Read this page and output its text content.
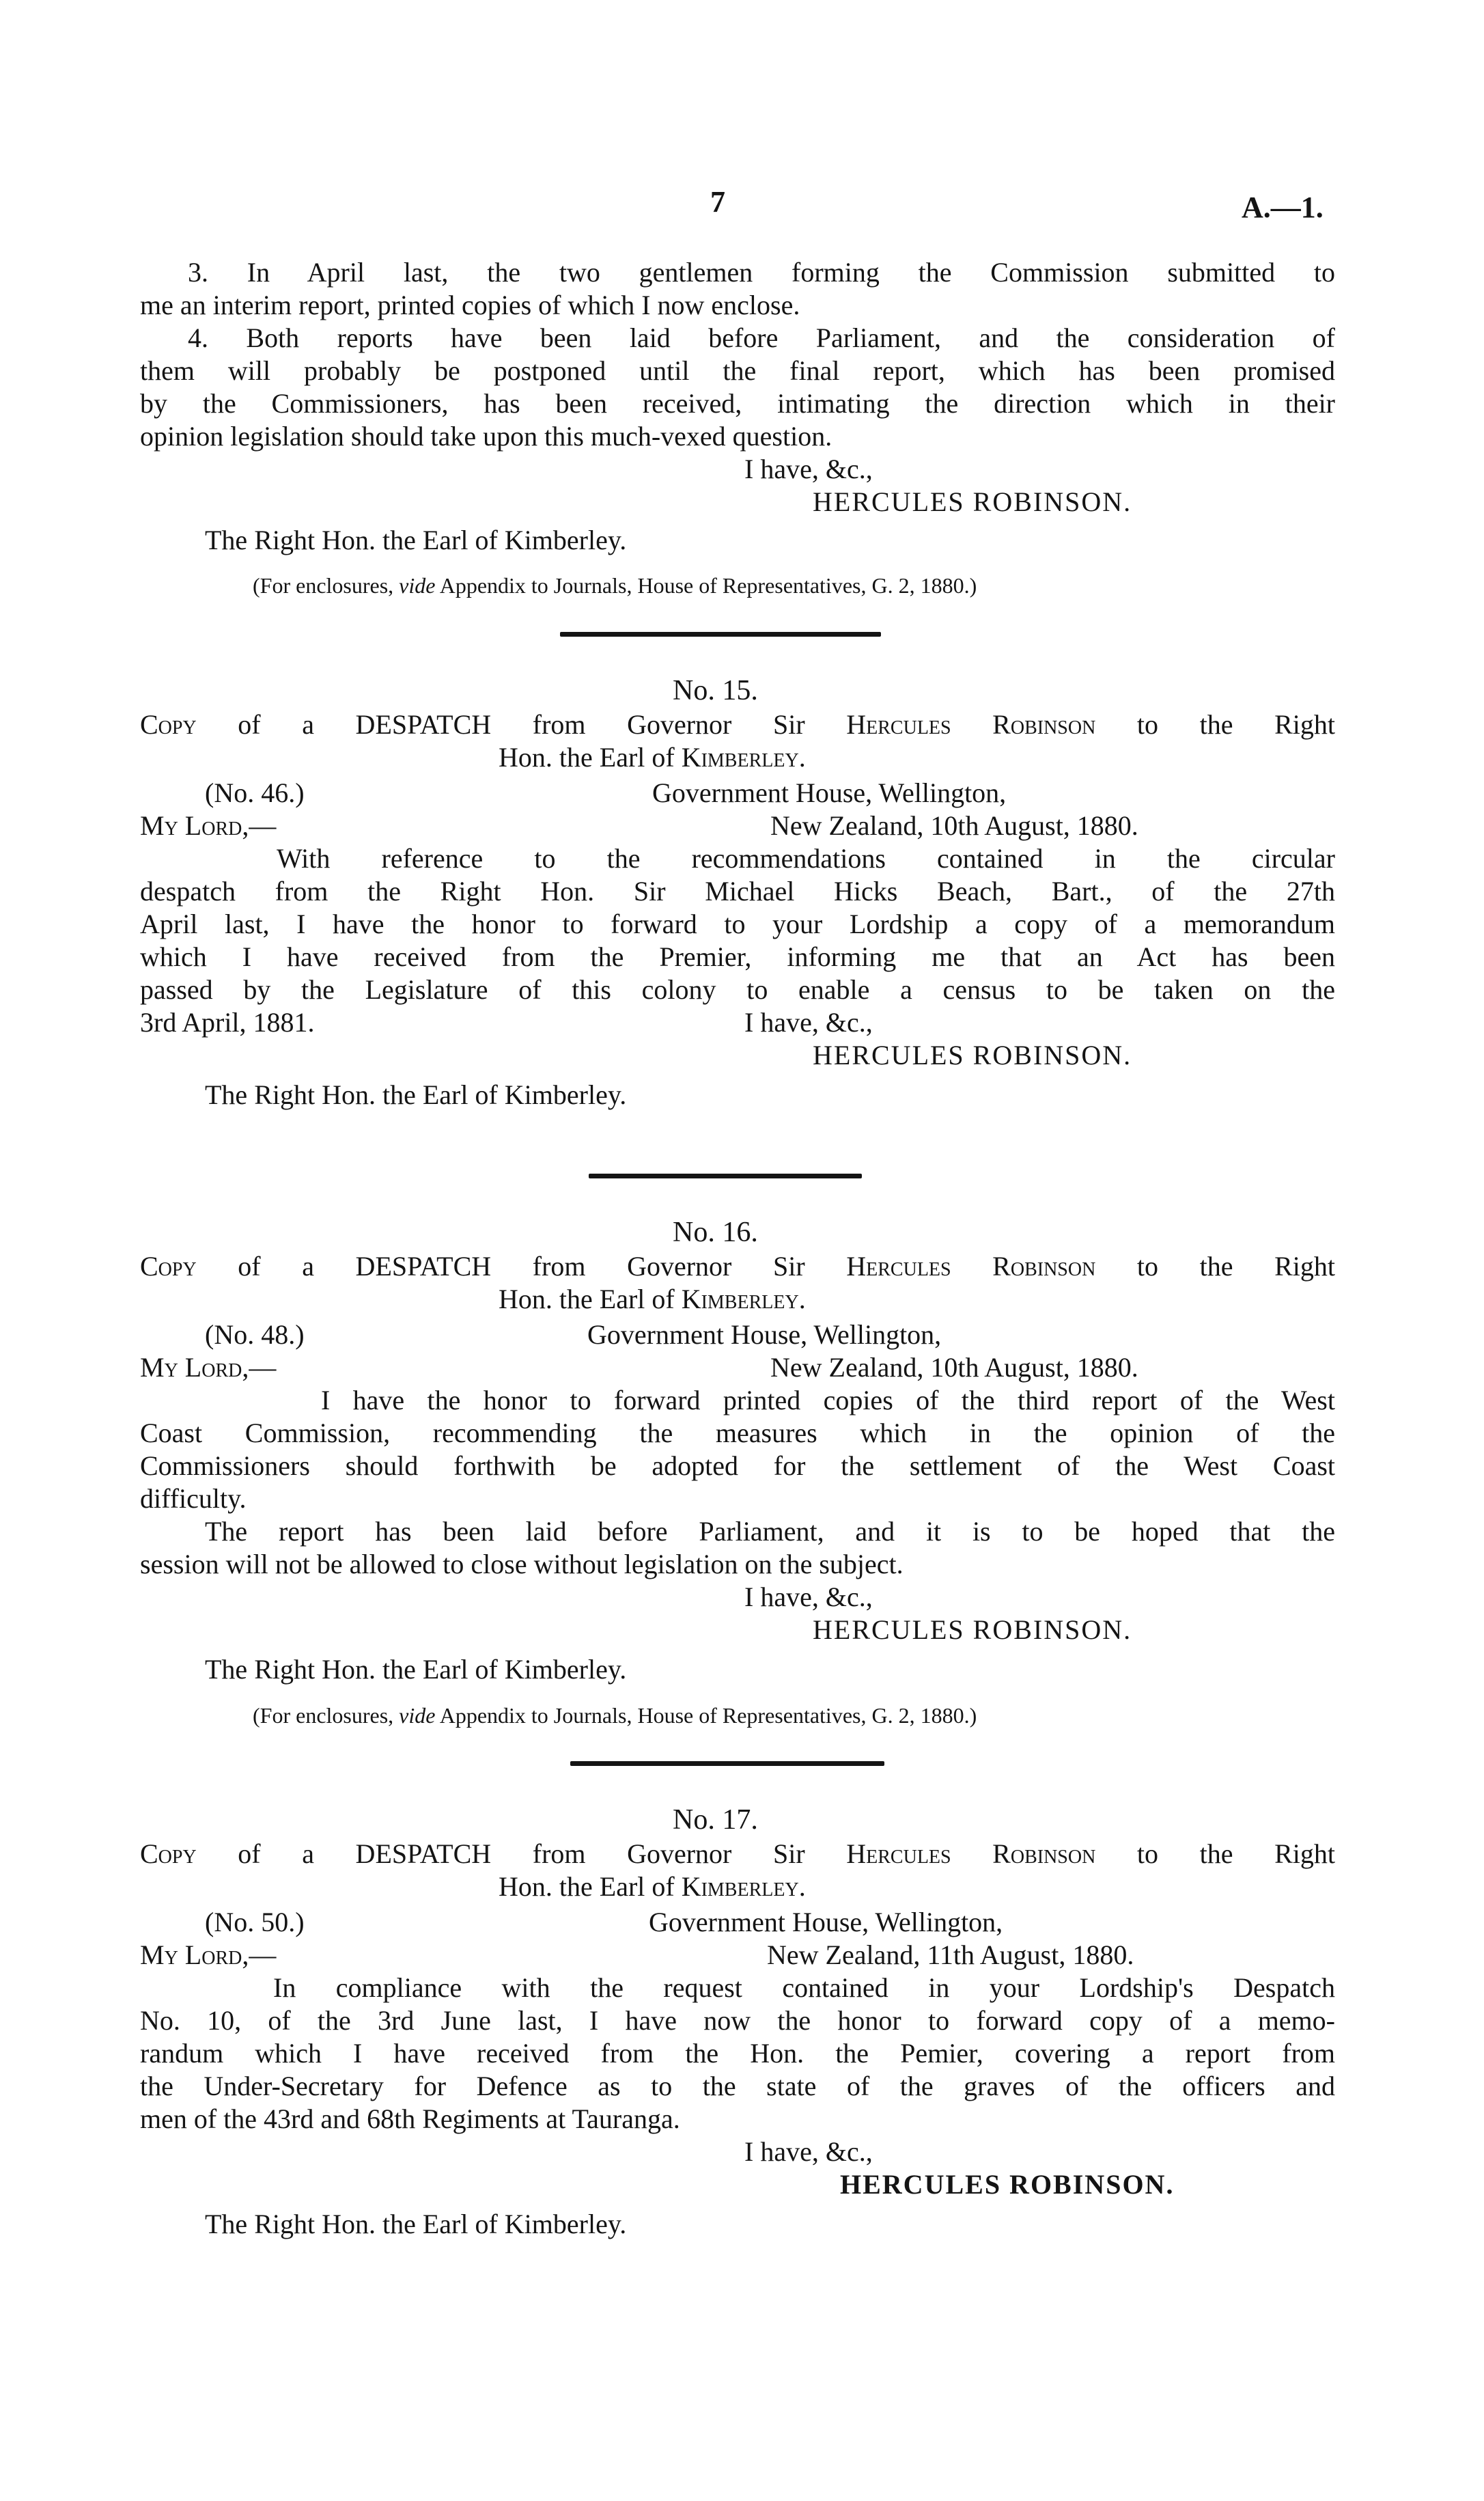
7	A.—1.
3. In April last, the two gentlemen forming the Commission submitted to
me an interim report, printed copies of which I now enclose.
4. Both reports have been laid before Parliament, and the consideration of
them will probably be postponed until the final report, which has been promised
by the Commissioners, has been received, intimating the direction which in their
opinion legislation should take upon this much-vexed question.
I have, &c.,
HERCULES ROBINSON.
The Right Hon. the Earl of Kimberley.
(For enclosures, vide Appendix to Journals, House of Representatives, G. 2, 1880.)
No. 15.
Copy of a DESPATCH from Governor Sir Hercules Robinson to the Right
Hon. the Earl of Kimberley.
(No. 46.)	Government House, Wellington,
My Lord,—	New Zealand, 10th August, 1880.
With reference to the recommendations contained in the circular
despatch from the Right Hon. Sir Michael Hicks Beach, Bart., of the 27th
April last, I have the honor to forward to your Lordship a copy of a memorandum
which I have received from the Premier, informing me that an Act has been
passed by the Legislature of this colony to enable a census to be taken on the
3rd April, 1881.	I have, &c.,
HERCULES ROBINSON.
The Right Hon. the Earl of Kimberley.
No. 16.
Copy of a DESPATCH from Governor Sir Hercules Robinson to the Right
Hon. the Earl of Kimberley.
(No. 48.)	Government House, Wellington,
My Lord,—	New Zealand, 10th August, 1880.
I have the honor to forward printed copies of the third report of the West
Coast Commission, recommending the measures which in the opinion of the
Commissioners should forthwith be adopted for the settlement of the West Coast
difficulty.
The report has been laid before Parliament, and it is to be hoped that the
session will not be allowed to close without legislation on the subject.
I have, &c.,
HERCULES ROBINSON.
The Right Hon. the Earl of Kimberley.
(For enclosures, vide Appendix to Journals, House of Representatives, G. 2, 1880.)
No. 17.
Copy of a DESPATCH from Governor Sir Hercules Robinson to the Right
Hon. the Earl of Kimberley.
(No. 50.)	Government House, Wellington,
My Lord,—	New Zealand, 11th August, 1880.
In compliance with the request contained in your Lordship's Despatch
No. 10, of the 3rd June last, I have now the honor to forward copy of a memo-
randum which I have received from the Hon. the Pemier, covering a report from
the Under-Secretary for Defence as to the state of the graves of the officers and
men of the 43rd and 68th Regiments at Tauranga.
I have, &c.,
HERCULES ROBINSON.
The Right Hon. the Earl of Kimberley.
